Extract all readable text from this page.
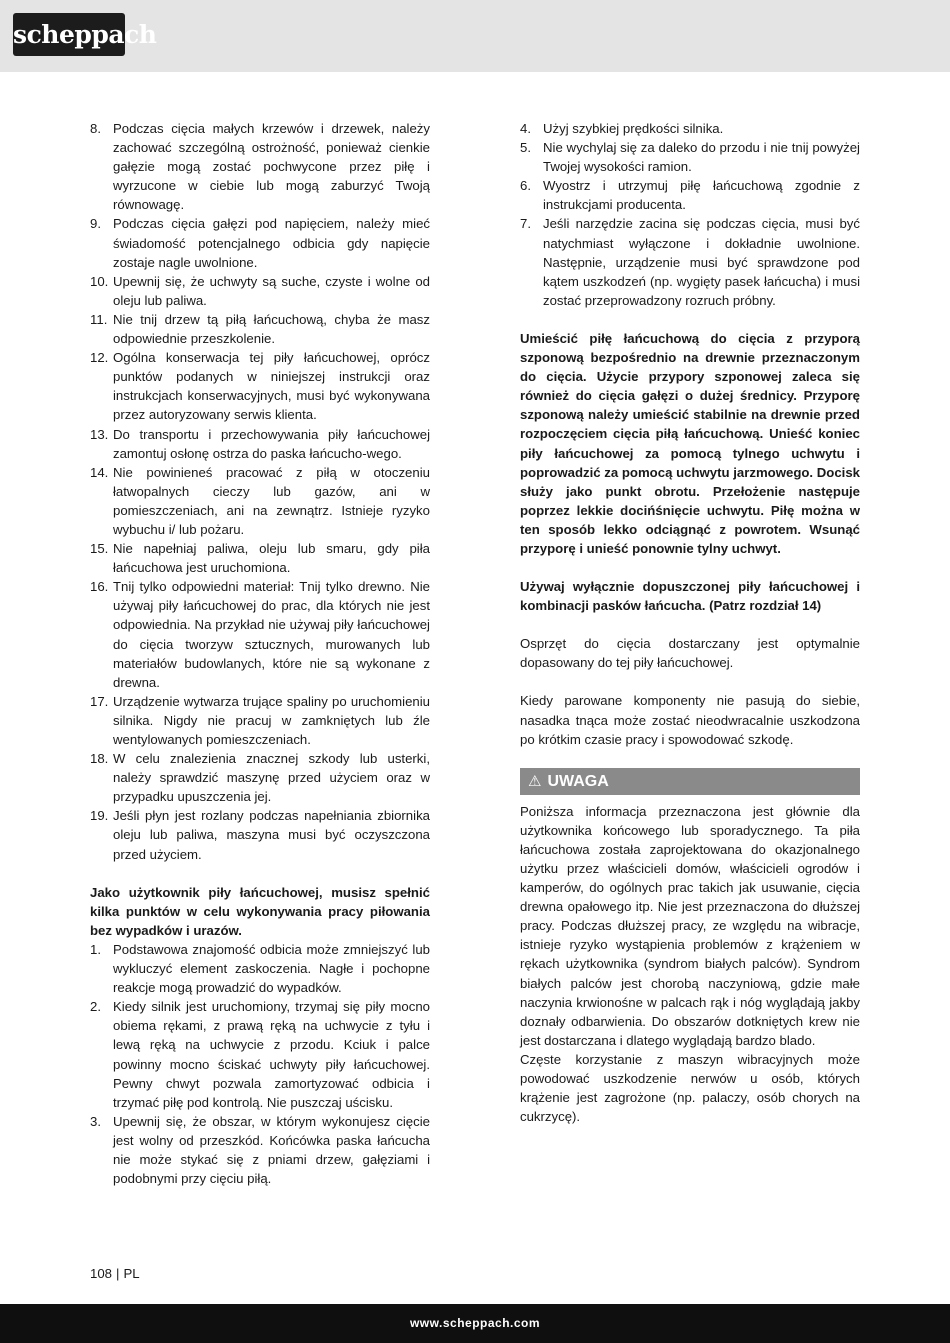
scheppach
8. Podczas cięcia małych krzewów i drzewek, należy zachować szczególną ostrożność, ponieważ cienkie gałęzie mogą zostać pochwycone przez piłę i wyrzucone w ciebie lub mogą zaburzyć Twoją równowagę.
9. Podczas cięcia gałęzi pod napięciem, należy mieć świadomość potencjalnego odbicia gdy napięcie zostaje nagle uwolnione.
10. Upewnij się, że uchwyty są suche, czyste i wolne od oleju lub paliwa.
11. Nie tnij drzew tą piłą łańcuchową, chyba że masz odpowiednie przeszkolenie.
12. Ogólna konserwacja tej piły łańcuchowej, oprócz punktów podanych w niniejszej instrukcji oraz instrukcjach konserwacyjnych, musi być wykonywana przez autoryzowany serwis klienta.
13. Do transportu i przechowywania piły łańcuchowej zamontuj osłonę ostrza do paska łańcucho-wego.
14. Nie powinieneś pracować z piłą w otoczeniu łatwopalnych cieczy lub gazów, ani w pomieszczeniach, ani na zewnątrz. Istnieje ryzyko wybuchu i/ lub pożaru.
15. Nie napełniaj paliwa, oleju lub smaru, gdy piła łańcuchowa jest uruchomiona.
16. Tnij tylko odpowiedni materiał: Tnij tylko drewno. Nie używaj piły łańcuchowej do prac, dla których nie jest odpowiednia. Na przykład nie używaj piły łańcuchowej do cięcia tworzyw sztucznych, murowanych lub materiałów budowlanych, które nie są wykonane z drewna.
17. Urządzenie wytwarza trujące spaliny po uruchomieniu silnika. Nigdy nie pracuj w zamkniętych lub źle wentylowanych pomieszczeniach.
18. W celu znalezienia znacznej szkody lub usterki, należy sprawdzić maszynę przed użyciem oraz w przypadku upuszczenia jej.
19. Jeśli płyn jest rozlany podczas napełniania zbiornika oleju lub paliwa, maszyna musi być oczyszczona przed użyciem.

Jako użytkownik piły łańcuchowej, musisz spełnić kilka punktów w celu wykonywania pracy piłowania bez wypadków i urazów.

1. Podstawowa znajomość odbicia może zmniejszyć lub wykluczyć element zaskoczenia. Nagłe i pochopne reakcje mogą prowadzić do wypadków.
2. Kiedy silnik jest uruchomiony, trzymaj się piły mocno obiema rękami, z prawą ręką na uchwycie z tyłu i lewą ręką na uchwycie z przodu. Kciuk i palce powinny mocno ściskać uchwyty piły łańcuchowej. Pewny chwyt pozwala zamortyzować odbicia i trzymać piłę pod kontrolą. Nie puszczaj uścisku.
3. Upewnij się, że obszar, w którym wykonujesz cięcie jest wolny od przeszkód. Końcówka paska łańcucha nie może stykać się z pniami drzew, gałęziami i podobnymi przy cięciu piłą.
4. Użyj szybkiej prędkości silnika.
5. Nie wychylaj się za daleko do przodu i nie tnij powyżej Twojej wysokości ramion.
6. Wyostrz i utrzymuj piłę łańcuchową zgodnie z instrukcjami producenta.
7. Jeśli narzędzie zacina się podczas cięcia, musi być natychmiast wyłączone i dokładnie uwolnione. Następnie, urządzenie musi być sprawdzone pod kątem uszkodzeń (np. wygięty pasek łańcucha) i musi zostać przeprowadzony rozruch próbny.

Umieścić piłę łańcuchową do cięcia z przyporą szponową bezpośrednio na drewnie przeznaczonym do cięcia. Użycie przypory szponowej zaleca się również do cięcia gałęzi o dużej średnicy. Przyporę szponową należy umieścić stabilnie na drewnie przed rozpoczęciem cięcia piłą łańcuchową. Unieść koniec piły łańcuchowej za pomocą tylnego uchwytu i poprowadzić za pomocą uchwytu jarzmowego. Docisk służy jako punkt obrotu. Przełożenie następuje poprzez lekkie docińśnięcie uchwytu. Piłę można w ten sposób lekko odciągnąć z powrotem. Wsunąć przyporę i unieść ponownie tylny uchwyt.

Używaj wyłącznie dopuszczonej piły łańcuchowej i kombinacji pasków łańcucha. (Patrz rozdział 14)

Osprzęt do cięcia dostarczany jest optymalnie dopasowany do tej piły łańcuchowej.

Kiedy parowane komponenty nie pasują do siebie, nasadka tnąca może zostać nieodwracalnie uszkodzona po krótkim czasie pracy i spowodować szkodę.

⚠ UWAGA

Poniższa informacja przeznaczona jest głównie dla użytkownika końcowego lub sporadycznego. Ta piła łańcuchowa została zaprojektowana do okazjonalnego użytku przez właścicieli domów, właścicieli ogrodów i kamperów, do ogólnych prac takich jak usuwanie, cięcia drewna opałowego itp. Nie jest przeznaczona do dłuższej pracy. Podczas dłuższej pracy, ze względu na wibracje, istnieje ryzyko wystąpienia problemów z krążeniem w rękach użytkownika (syndrom białych palców). Syndrom białych palców jest chorobą naczyniową, gdzie małe naczynia krwionośne w palcach rąk i nóg wyglądają jakby doznały odbarwienia. Do obszarów dotkniętych krew nie jest dostarczana i dlatego wyglądają bardzo blado.

Częste korzystanie z maszyn wibracyjnych może powodować uszkodzenie nerwów u osób, których krążenie jest zagrożone (np. palaczy, osób chorych na cukrzycę).

108 | PL
www.scheppach.com
